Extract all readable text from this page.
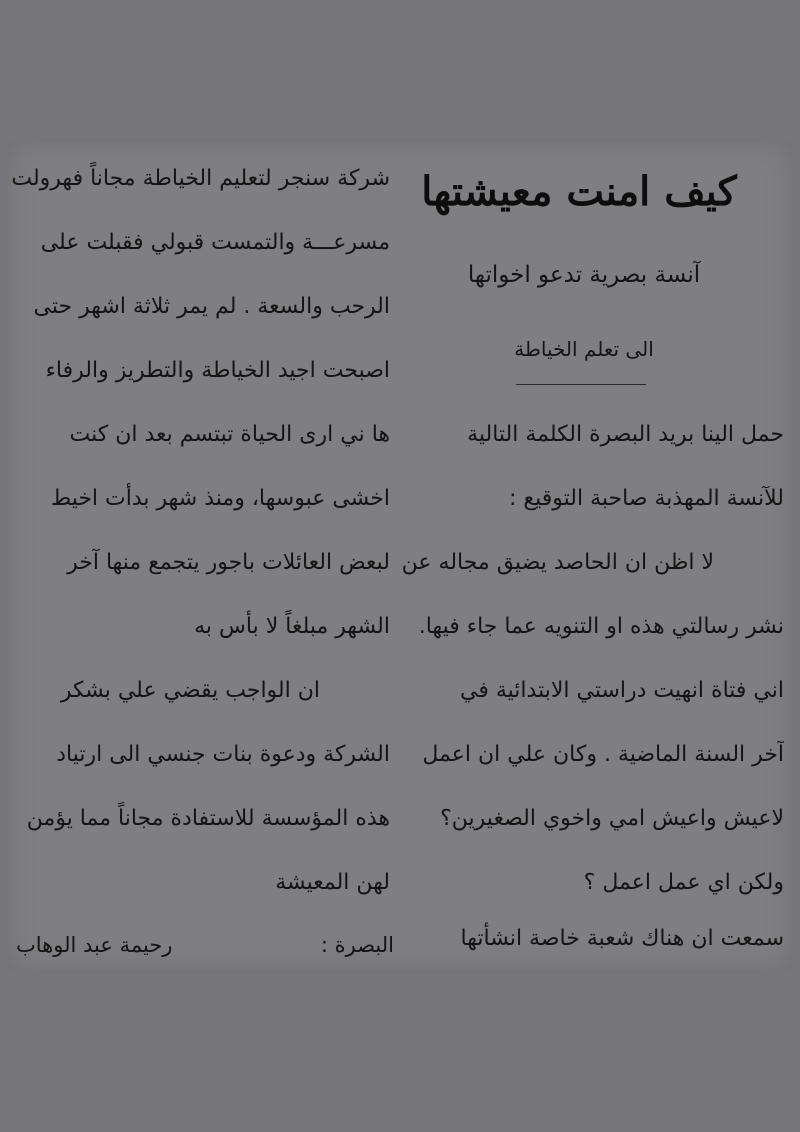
كيف امنت معيشتها
آنسة بصرية تدعو اخواتها
الى تعلم الخياطة
حمل الينا بريد البصرة الكلمة التالية
للآنسة المهذبة صاحبة التوقيع :
لا اظن ان الحاصد يضيق مجاله عن
نشر رسالتي هذه او التنويه عما جاء فيها.
اني فتاة انهيت دراستي الابتدائية في
آخر السنة الماضية . وكان علي ان اعمل
لاعيش واعيش امي واخوي الصغيرين؟
ولكن اي عمل اعمل ؟
سمعت ان هناك شعبة خاصة انشأتها
شركة سنجر لتعليم الخياطة مجاناً فهرولت
مسرعـــة والتمست قبولي فقبلت على
الرحب والسعة . لم يمر ثلاثة اشهر حتى
اصبحت اجيد الخياطة والتطريز والرفاء
ها ني ارى الحياة تبتسم بعد ان كنت
اخشى عبوسها، ومنذ شهر بدأت اخيط
لبعض العائلات باجور يتجمع منها آخر
الشهر مبلغاً لا بأس به
ان الواجب يقضي علي بشكر
الشركة ودعوة بنات جنسي الى ارتياد
هذه المؤسسة للاستفادة مجاناً مما يؤمن
لهن المعيشة
البصرة :
رحيمة عبد الوهاب
